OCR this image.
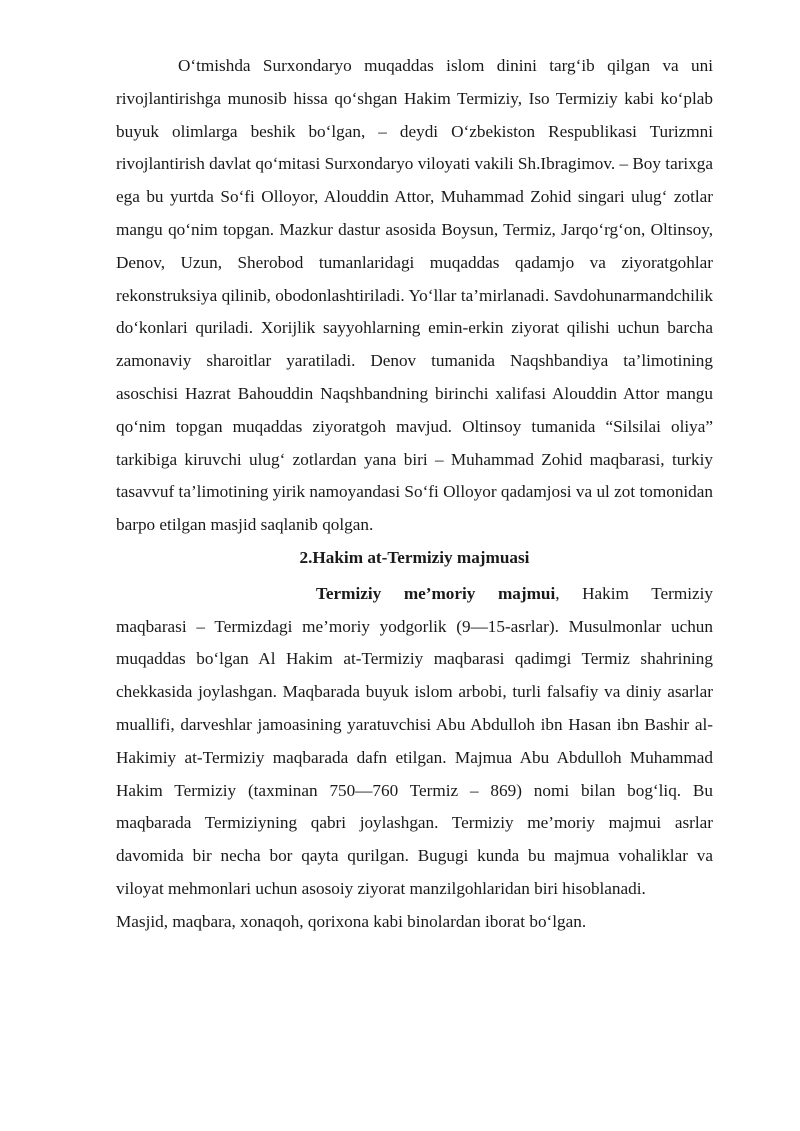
O‘tmishda Surxondaryo muqaddas islom dinini targ‘ib qilgan va uni rivojlantirishga munosib hissa qo‘shgan Hakim Termiziy, Iso Termiziy kabi ko‘plab buyuk olimlarga beshik bo‘lgan, – deydi O‘zbekiston Respublikasi Turizmni rivojlantirish davlat qo‘mitasi Surxondaryo viloyati vakili Sh.Ibragimov. – Boy tarixga ega bu yurtda So‘fi Olloyor, Alouddin Attor, Muhammad Zohid singari ulug‘ zotlar mangu qo‘nim topgan. Mazkur dastur asosida Boysun, Termiz, Jarqo‘rg‘on, Oltinsoy, Denov, Uzun, Sherobod tumanlaridagi muqaddas qadamjo va ziyoratgohlar rekonstruksiya qilinib, obodonlashtiriladi. Yo‘llar ta’mirlanadi. Savdohunarmandchilik do‘konlari quriladi. Xorijlik sayyohlarning emin-erkin ziyorat qilishi uchun barcha zamonaviy sharoitlar yaratiladi. Denov tumanida Naqshbandiya ta’limotining asoschisi Hazrat Bahouddin Naqshbandning birinchi xalifasi Alouddin Attor mangu qo‘nim topgan muqaddas ziyoratgoh mavjud. Oltinsoy tumanida “Silsilai oliya” tarkibiga kiruvchi ulug‘ zotlardan yana biri – Muhammad Zohid maqbarasi, turkiy tasavvuf ta’limotining yirik namoyandasi So‘fi Olloyor qadamjosi va ul zot tomonidan barpo etilgan masjid saqlanib qolgan.

2.Hakim at-Termiziy majmuasi

Termiziy me’moriy majmui, Hakim Termiziy maqbarasi – Termizdagi me’moriy yodgorlik (9—15-asrlar). Musulmonlar uchun muqaddas bo‘lgan Al Hakim at-Termiziy maqbarasi qadimgi Termiz shahrining chekkasida joylashgan. Maqbarada buyuk islom arbobi, turli falsafiy va diniy asarlar muallifi, darveshlar jamoasining yaratuvchisi Abu Abdulloh ibn Hasan ibn Bashir al-Hakimiy at-Termiziy maqbarada dafn etilgan. Majmua Abu Abdulloh Muhammad Hakim Termiziy (taxminan 750—760 Termiz – 869) nomi bilan bog‘liq. Bu maqbarada Termiziyning qabri joylashgan. Termiziy me’moriy majmui asrlar davomida bir necha bor qayta qurilgan. Bugugi kunda bu majmua vohaliklar va viloyat mehmonlari uchun asosoiy ziyorat manzilgohlaridan biri hisoblanadi.

Masjid, maqbara, xonaqoh, qorixona kabi binolardan iborat bo‘lgan.
